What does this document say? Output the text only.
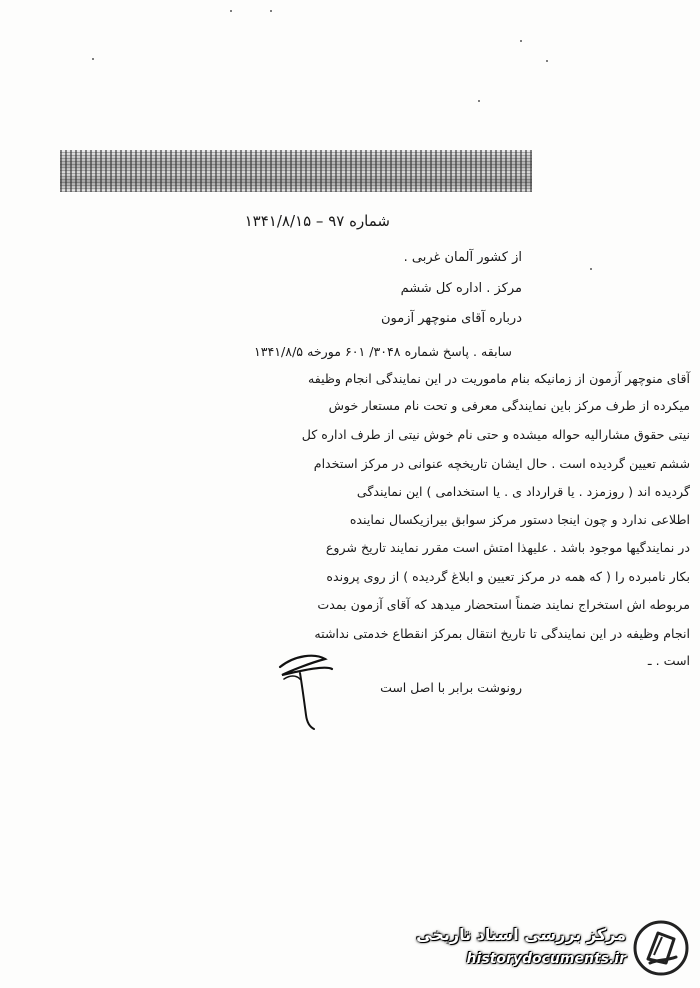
شماره ۹۷ – ۱۳۴۱/۸/۱۵
از کشور آلمان غربی .
مرکز . اداره کل ششم
درباره آقای منوچهر آزمون
سابقه . پاسخ شماره ۳۰۴۸/ ۶۰۱ مورخه ۱۳۴۱/۸/۵
آقای منوچهر آزمون از زمانیکه بنام ماموریت در این نمایندگی انجام وظیفه
میکرده از طرف مرکز باین نمایندگی معرفی و تحت نام مستعار خوش
نیتی حقوق مشارالیه حواله میشده و حتی نام خوش نیتی از طرف اداره کل
ششم تعیین گردیده است . حال ایشان تاریخچه عنوانی در مرکز استخدام
گردیده اند ( روزمزد . یا قرارداد ی . یا استخدامی ) این نمایندگی
اطلاعی ندارد و چون اینجا دستور مرکز سوابق بیرازیکسال نماینده
در نمایندگیها موجود باشد . علیهذا امتش است مقرر نمایند تاریخ شروع
بکار نامبرده را ( که همه در مرکز تعیین و ابلاغ گردیده ) از روی پرونده
مربوطه اش استخراج نمایند ضمناً استحضار میدهد که آقای آزمون بمدت
انجام وظیفه در این نمایندگی تا تاریخ انتقال بمرکز انقطاع خدمتی نداشته
است . ـ
رونوشت برابر با اصل است
مرکز بررسی اسناد تاریخی
historydocuments.ir
